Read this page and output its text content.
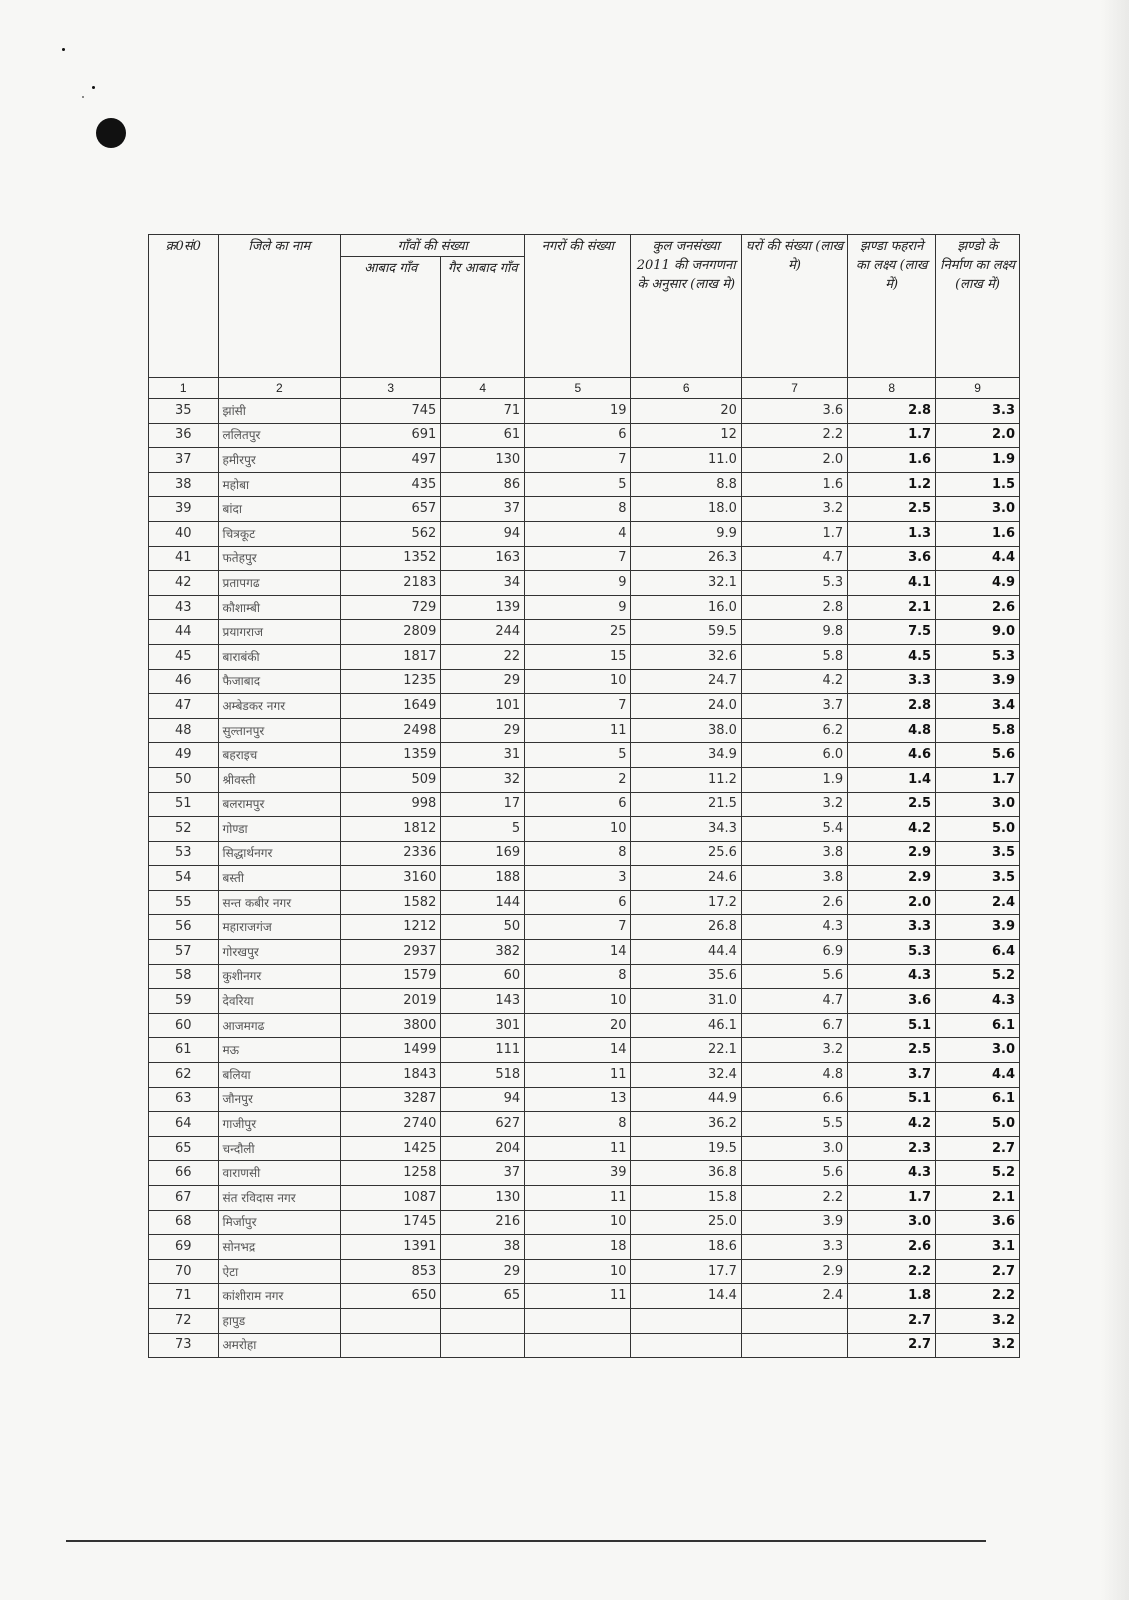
क्र0सं0	जिले का नाम	गाँवों की संख्या		नगरों की संख्या	कुल जनसंख्या 2011 की जनगणना के अनुसार (लाख मे)	घरों की संख्या (लाख मे)	झण्डा फहराने का लक्ष्य (लाख में)	झण्डो के निर्माण का लक्ष्य (लाख में)
		आबाद गाँव	गैर आबाद गाँव					
1	2	3	4	5	6	7	8	9
35	झांसी	745	71	19	20	3.6	2.8	3.3
36	ललितपुर	691	61	6	12	2.2	1.7	2.0
37	हमीरपुर	497	130	7	11.0	2.0	1.6	1.9
38	महोबा	435	86	5	8.8	1.6	1.2	1.5
39	बांदा	657	37	8	18.0	3.2	2.5	3.0
40	चित्रकूट	562	94	4	9.9	1.7	1.3	1.6
41	फतेहपुर	1352	163	7	26.3	4.7	3.6	4.4
42	प्रतापगढ	2183	34	9	32.1	5.3	4.1	4.9
43	कौशाम्बी	729	139	9	16.0	2.8	2.1	2.6
44	प्रयागराज	2809	244	25	59.5	9.8	7.5	9.0
45	बाराबंकी	1817	22	15	32.6	5.8	4.5	5.3
46	फैजाबाद	1235	29	10	24.7	4.2	3.3	3.9
47	अम्बेडकर नगर	1649	101	7	24.0	3.7	2.8	3.4
48	सुल्तानपुर	2498	29	11	38.0	6.2	4.8	5.8
49	बहराइच	1359	31	5	34.9	6.0	4.6	5.6
50	श्रीवस्ती	509	32	2	11.2	1.9	1.4	1.7
51	बलरामपुर	998	17	6	21.5	3.2	2.5	3.0
52	गोण्डा	1812	5	10	34.3	5.4	4.2	5.0
53	सिद्धार्थनगर	2336	169	8	25.6	3.8	2.9	3.5
54	बस्ती	3160	188	3	24.6	3.8	2.9	3.5
55	सन्त कबीर नगर	1582	144	6	17.2	2.6	2.0	2.4
56	महाराजगंज	1212	50	7	26.8	4.3	3.3	3.9
57	गोरखपुर	2937	382	14	44.4	6.9	5.3	6.4
58	कुशीनगर	1579	60	8	35.6	5.6	4.3	5.2
59	देवरिया	2019	143	10	31.0	4.7	3.6	4.3
60	आजमगढ	3800	301	20	46.1	6.7	5.1	6.1
61	मऊ	1499	111	14	22.1	3.2	2.5	3.0
62	बलिया	1843	518	11	32.4	4.8	3.7	4.4
63	जौनपुर	3287	94	13	44.9	6.6	5.1	6.1
64	गाजीपुर	2740	627	8	36.2	5.5	4.2	5.0
65	चन्दौली	1425	204	11	19.5	3.0	2.3	2.7
66	वाराणसी	1258	37	39	36.8	5.6	4.3	5.2
67	संत रविदास नगर	1087	130	11	15.8	2.2	1.7	2.1
68	मिर्जापुर	1745	216	10	25.0	3.9	3.0	3.6
69	सोनभद्र	1391	38	18	18.6	3.3	2.6	3.1
70	ऐटा	853	29	10	17.7	2.9	2.2	2.7
71	कांशीराम नगर	650	65	11	14.4	2.4	1.8	2.2
72	हापुड						2.7	3.2
73	अमरोहा						2.7	3.2
